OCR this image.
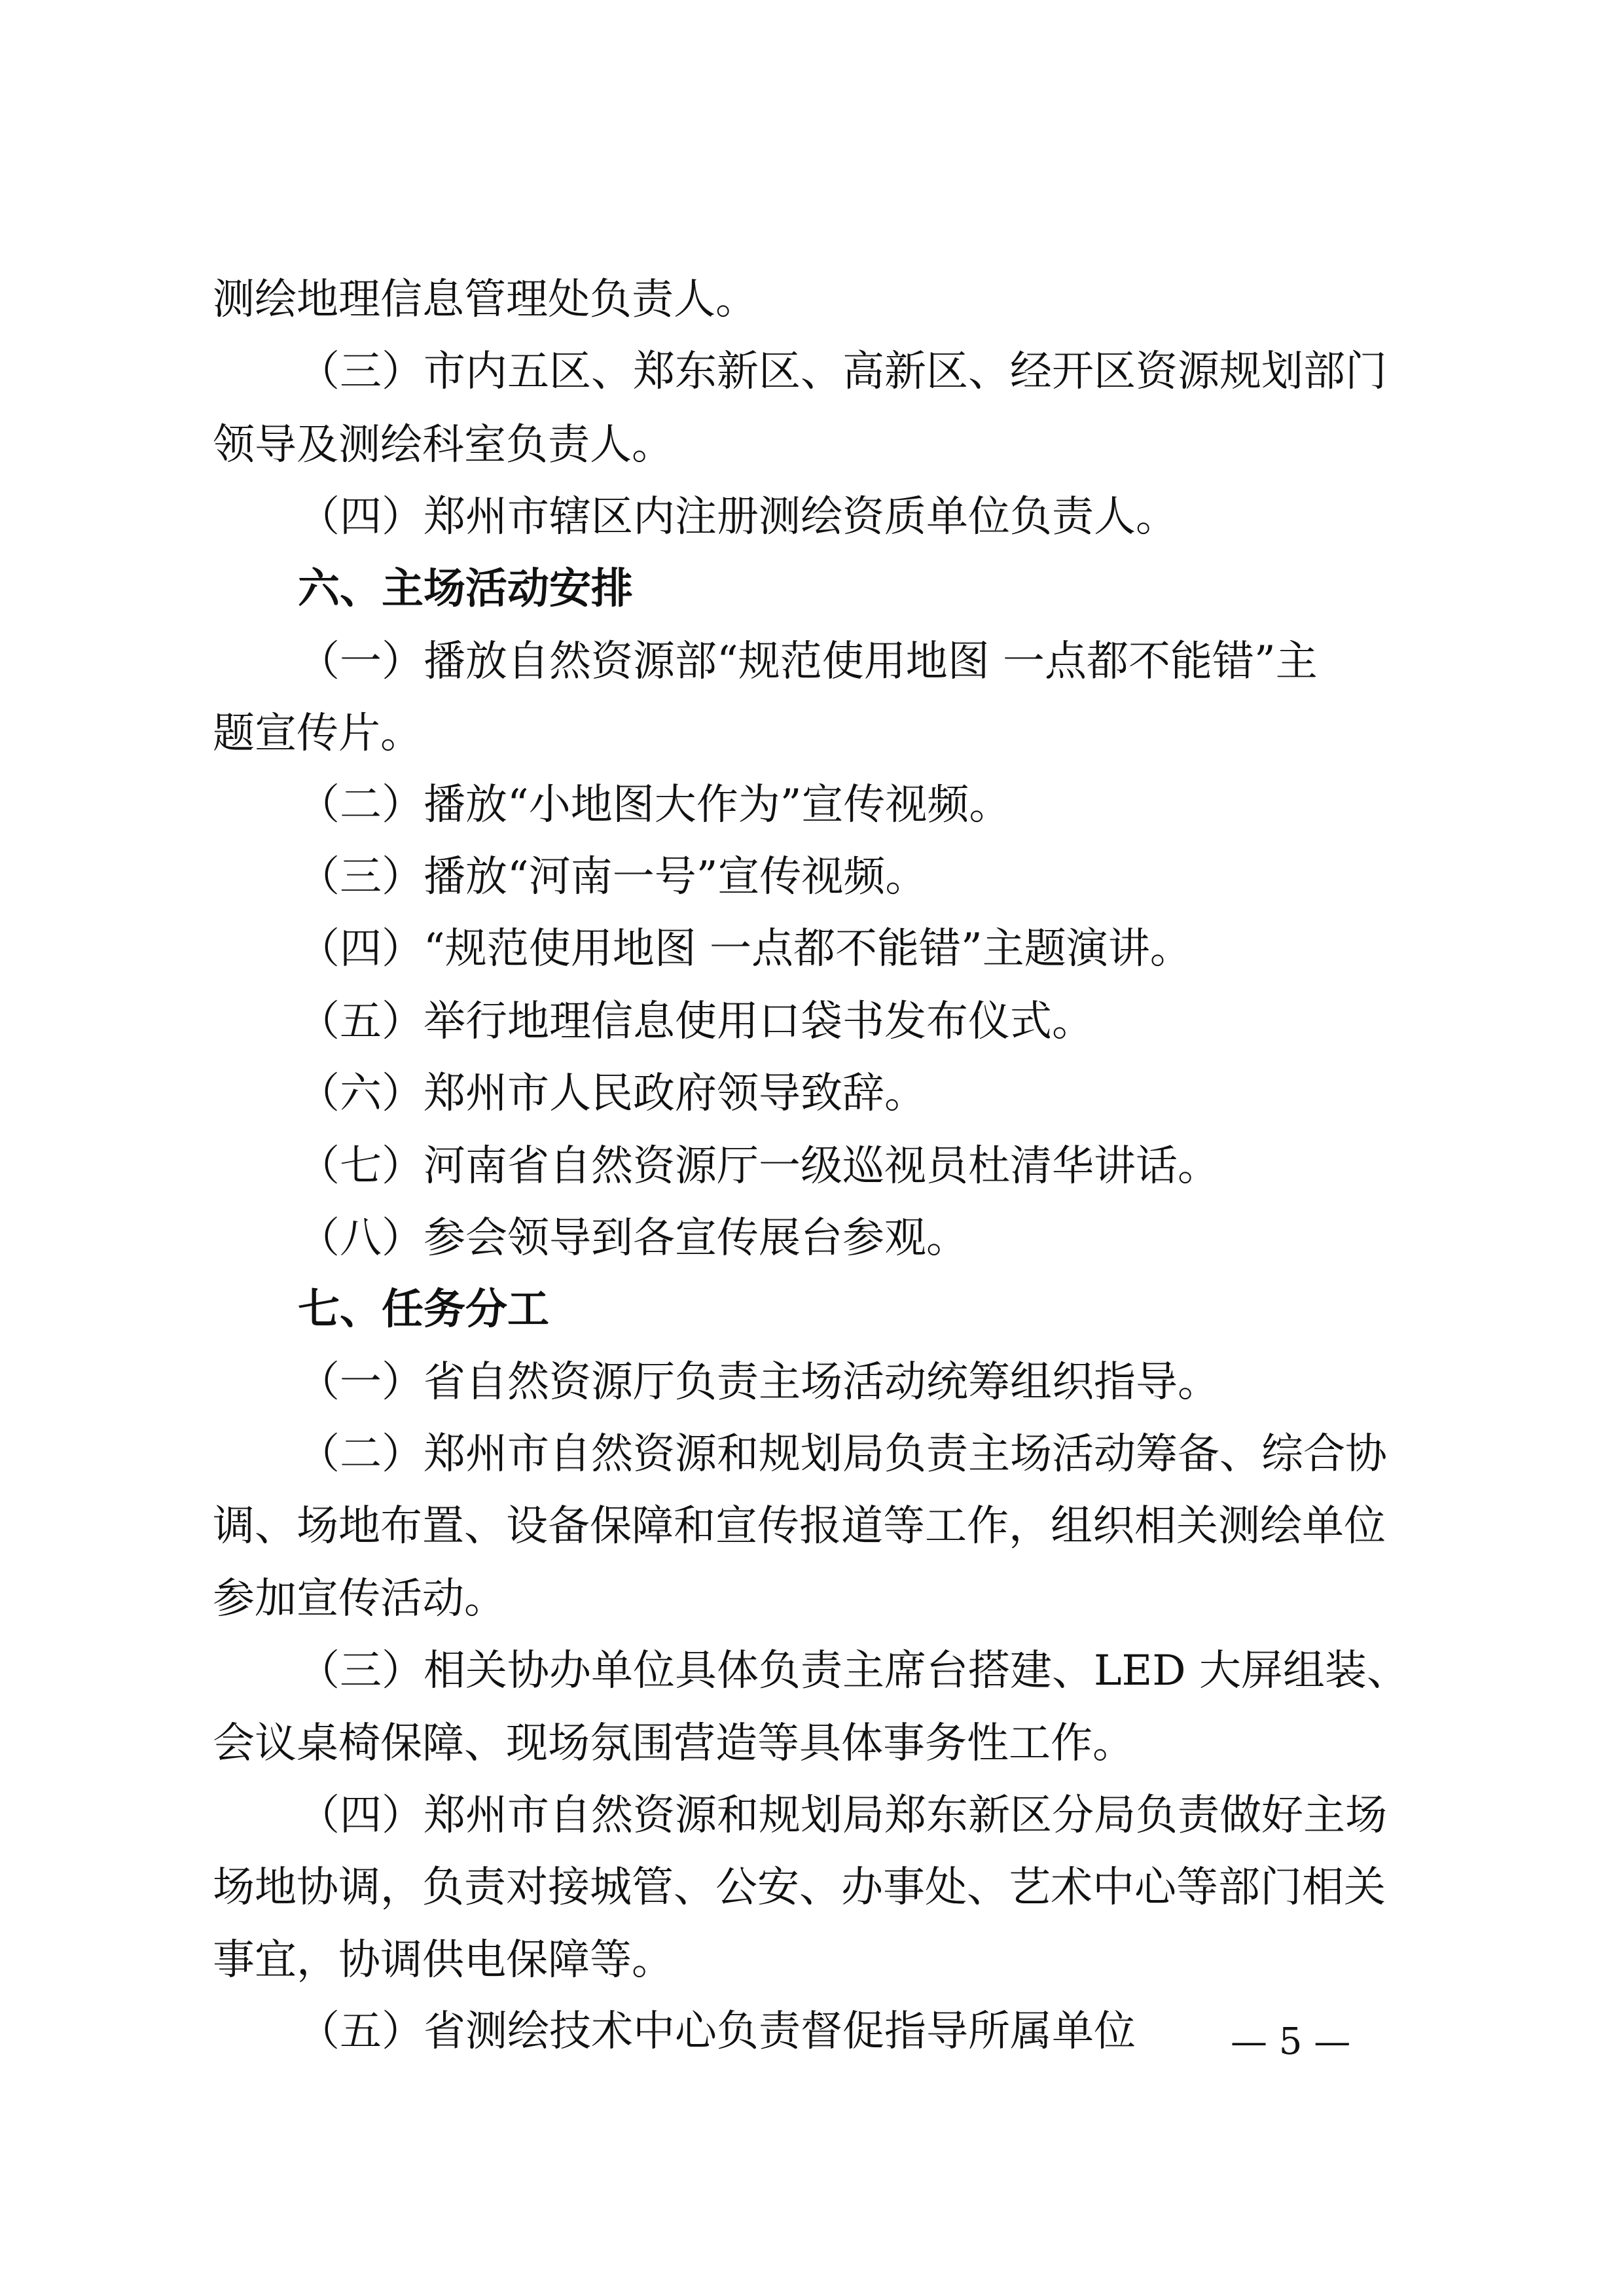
测绘地理信息管理处负责人。
（三）市内五区、郑东新区、高新区、经开区资源规划部门
领导及测绘科室负责人。
（四）郑州市辖区内注册测绘资质单位负责人。
六、主场活动安排
（一）播放自然资源部“规范使用地图 一点都不能错”主
题宣传片。
（二）播放“小地图大作为”宣传视频。
（三）播放“河南一号”宣传视频。
（四）“规范使用地图 一点都不能错”主题演讲。
（五）举行地理信息使用口袋书发布仪式。
（六）郑州市人民政府领导致辞。
（七）河南省自然资源厅一级巡视员杜清华讲话。
（八）参会领导到各宣传展台参观。
七、任务分工
（一）省自然资源厅负责主场活动统筹组织指导。
（二）郑州市自然资源和规划局负责主场活动筹备、综合协
调、场地布置、设备保障和宣传报道等工作，组织相关测绘单位
参加宣传活动。
（三）相关协办单位具体负责主席台搭建、LED 大屏组装、
会议桌椅保障、现场氛围营造等具体事务性工作。
（四）郑州市自然资源和规划局郑东新区分局负责做好主场
场地协调，负责对接城管、公安、办事处、艺术中心等部门相关
事宜，协调供电保障等。
（五）省测绘技术中心负责督促指导所属单位	— 5 —
